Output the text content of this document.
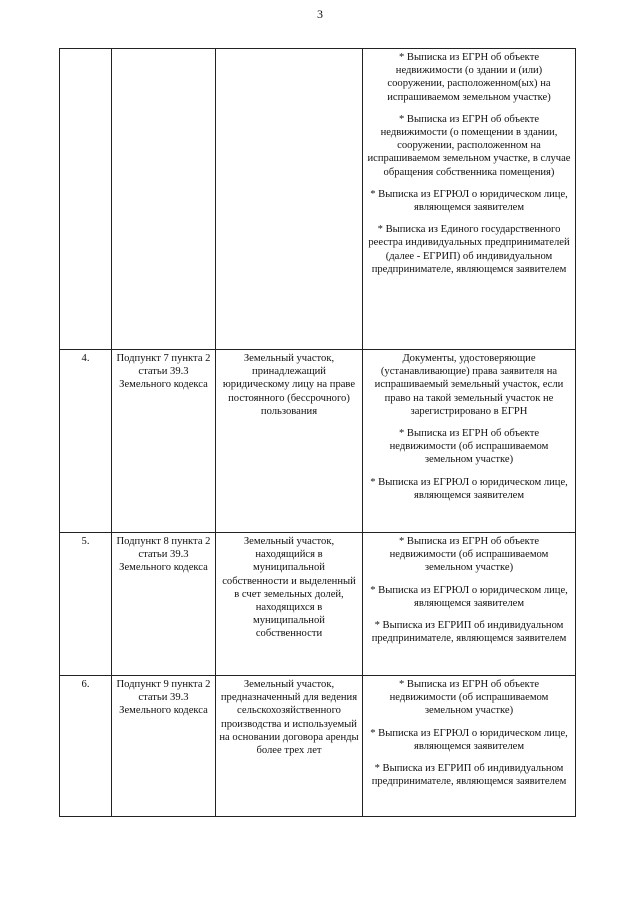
3

			* Выписка из ЕГРН об объекте недвижимости (о здании и (или) сооружении, расположенном(ых) на испрашиваемом земельном участке)
* Выписка из ЕГРН об объекте недвижимости (о помещении в здании, сооружении, расположенном на испрашиваемом земельном участке, в случае обращения собственника помещения)
* Выписка из ЕГРЮЛ о юридическом лице, являющемся заявителем
* Выписка из Единого государственного реестра индивидуальных предпринимателей (далее - ЕГРИП) об индивидуальном предпринимателе, являющемся заявителем

4.	Подпункт 7 пункта 2 статьи 39.3 Земельного кодекса	Земельный участок, принадлежащий юридическому лицу на праве постоянного (бессрочного) пользования	Документы, удостоверяющие (устанавливающие) права заявителя на испрашиваемый земельный участок, если право на такой земельный участок не зарегистрировано в ЕГРН
* Выписка из ЕГРН об объекте недвижимости (об испрашиваемом земельном участке)
* Выписка из ЕГРЮЛ о юридическом лице, являющемся заявителем

5.	Подпункт 8 пункта 2 статьи 39.3 Земельного кодекса	Земельный участок, находящийся в муниципальной собственности и выделенный в счет земельных долей, находящихся в муниципальной собственности	* Выписка из ЕГРН об объекте недвижимости (об испрашиваемом земельном участке)
* Выписка из ЕГРЮЛ о юридическом лице, являющемся заявителем
* Выписка из ЕГРИП об индивидуальном предпринимателе, являющемся заявителем

6.	Подпункт 9 пункта 2 статьи 39.3 Земельного кодекса	Земельный участок, предназначенный для ведения сельскохозяйственного производства и используемый на основании договора аренды более трех лет	* Выписка из ЕГРН об объекте недвижимости (об испрашиваемом земельном участке)
* Выписка из ЕГРЮЛ о юридическом лице, являющемся заявителем
* Выписка из ЕГРИП об индивидуальном предпринимателе, являющемся заявителем
